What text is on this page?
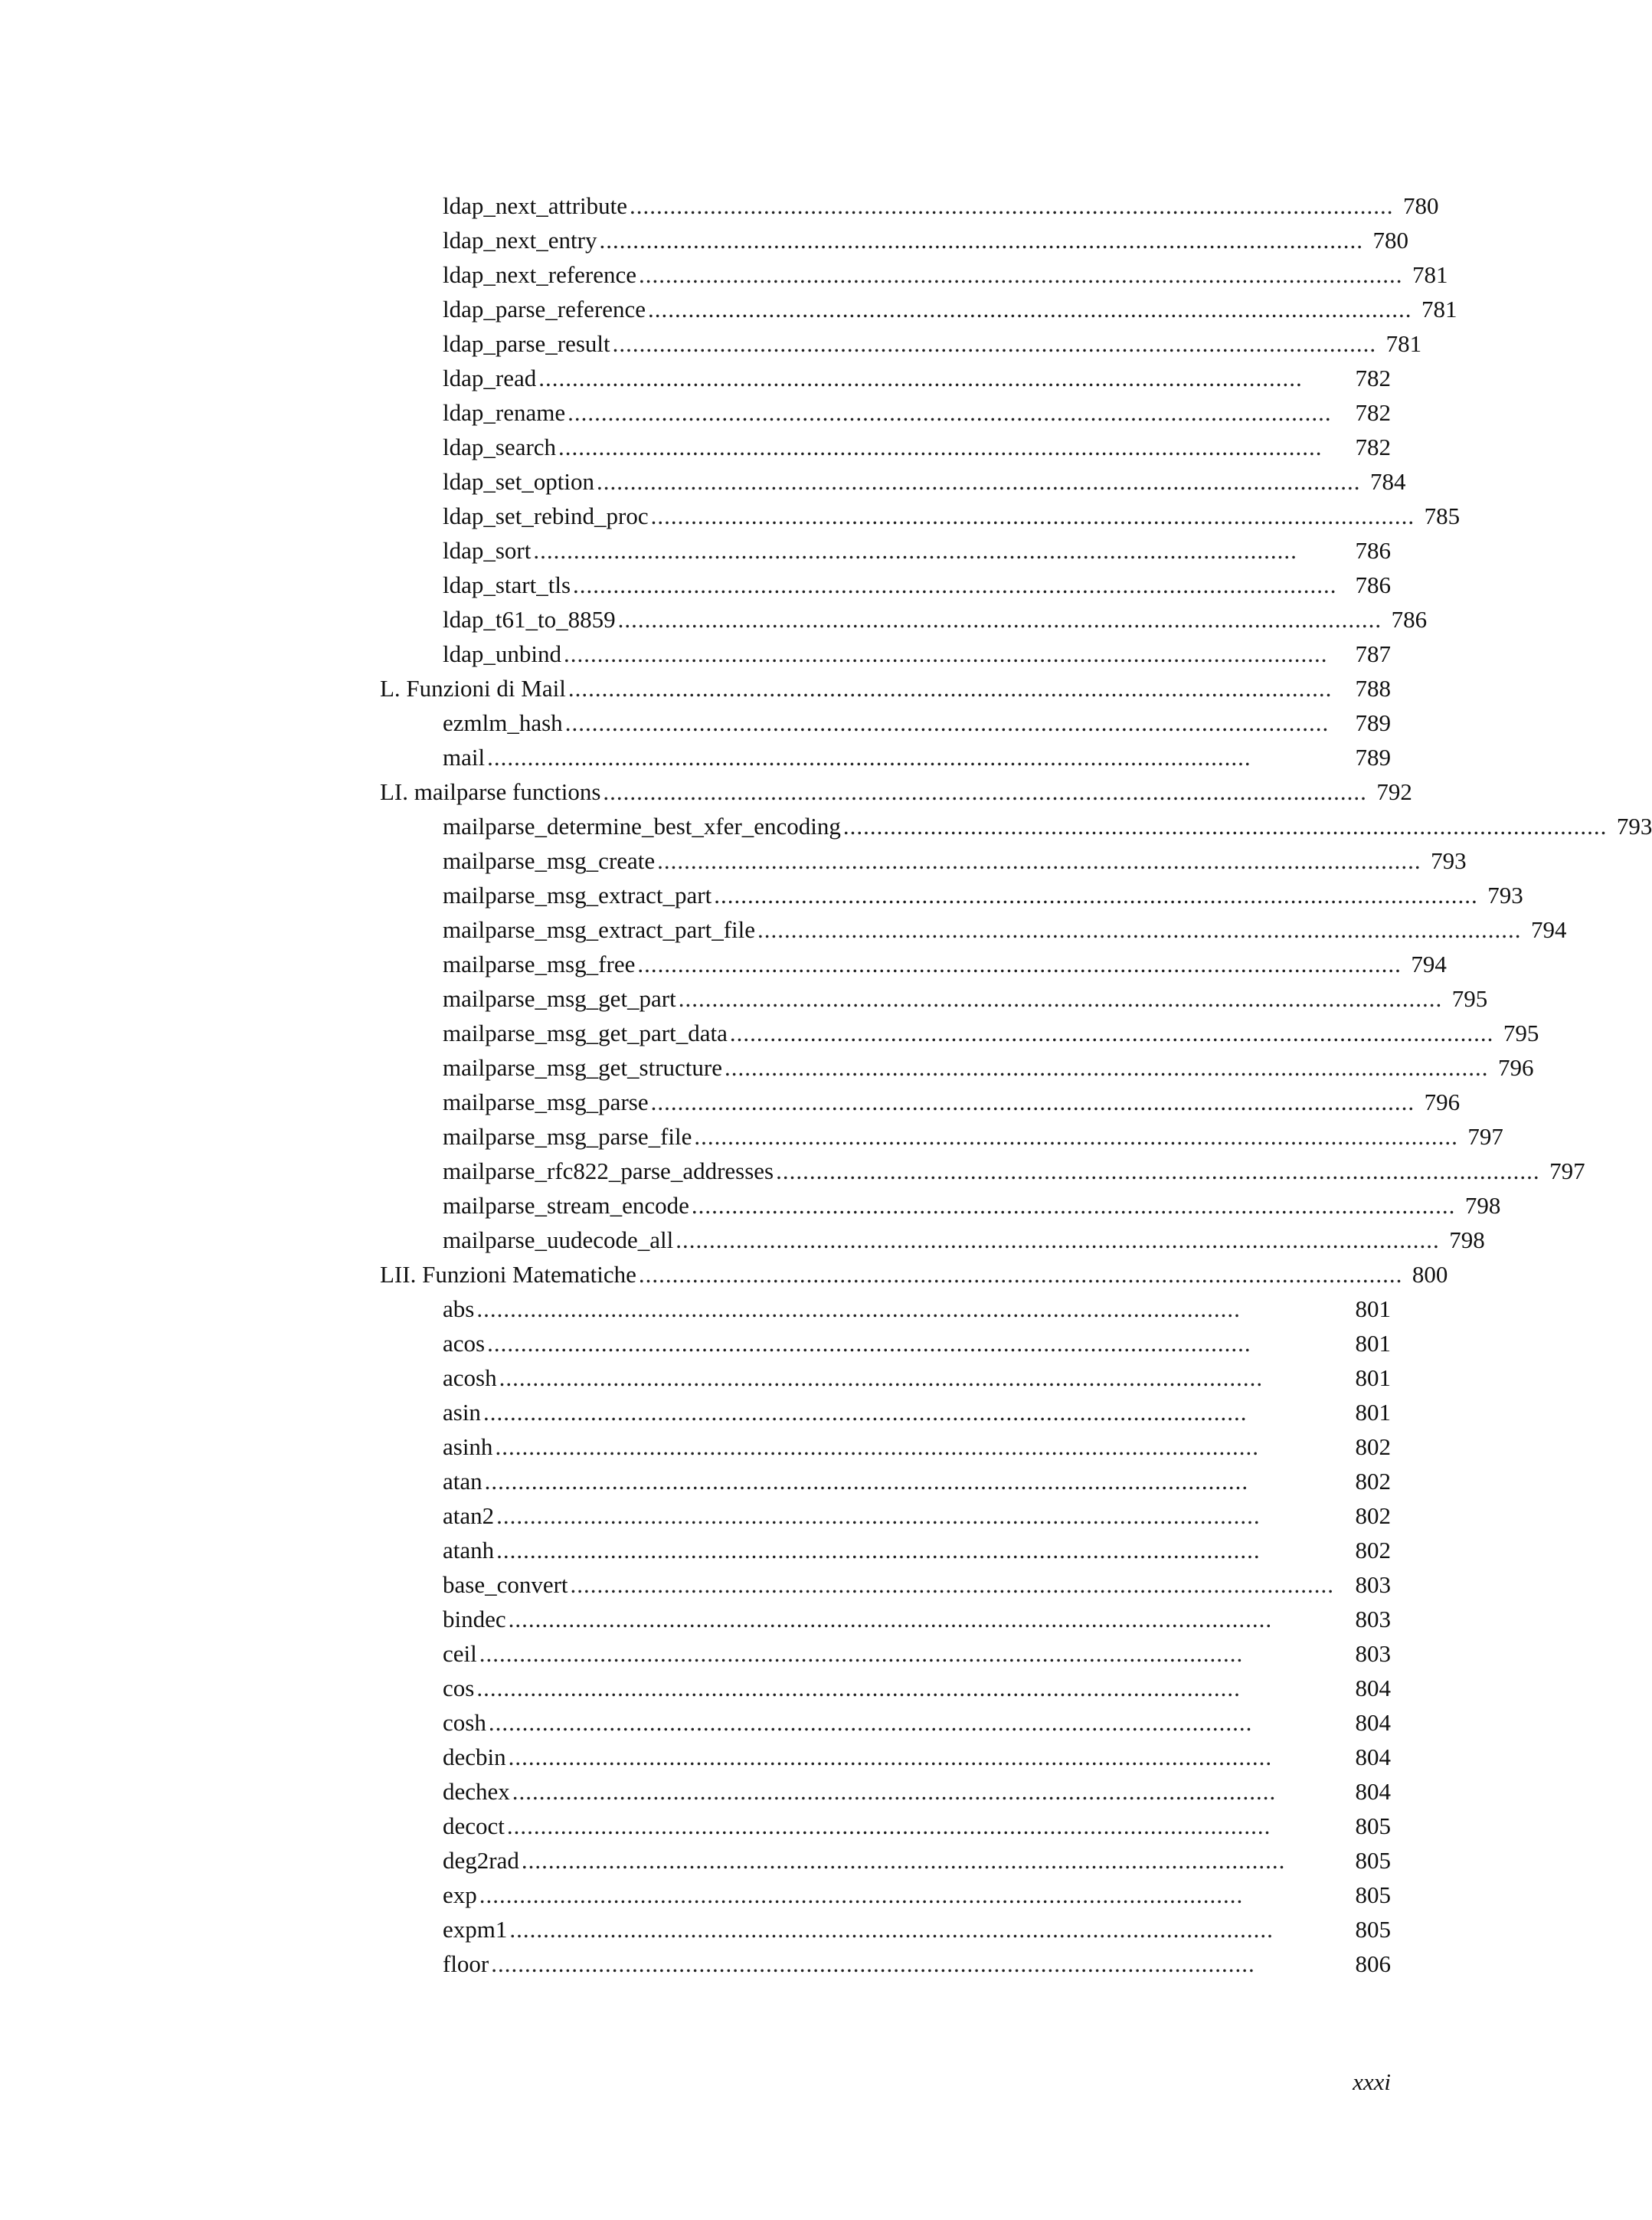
ldap_next_attribute .................................................................................................................. 780
ldap_next_entry .................................................................................................................. 780
ldap_next_reference .................................................................................................................. 781
ldap_parse_reference .................................................................................................................. 781
ldap_parse_result .................................................................................................................. 781
ldap_read ..................................................................................................................	782
ldap_rename .................................................................................................................. 782
ldap_search ..................................................................................................................	782
ldap_set_option .................................................................................................................. 784
ldap_set_rebind_proc .................................................................................................................. 785
ldap_sort ..................................................................................................................	786
ldap_start_tls .................................................................................................................. 786
ldap_t61_to_8859 .................................................................................................................. 786
ldap_unbind ..................................................................................................................	787
L. Funzioni di Mail .................................................................................................................. 788
ezmlm_hash ..................................................................................................................	789
mail ..................................................................................................................	789
LI. mailparse functions .................................................................................................................. 792
mailparse_determine_best_xfer_encoding .................................................................................................................. 793
mailparse_msg_create .................................................................................................................. 793
mailparse_msg_extract_part .................................................................................................................. 793
mailparse_msg_extract_part_file .................................................................................................................. 794
mailparse_msg_free .................................................................................................................. 794
mailparse_msg_get_part .................................................................................................................. 795
mailparse_msg_get_part_data .................................................................................................................. 795
mailparse_msg_get_structure .................................................................................................................. 796
mailparse_msg_parse .................................................................................................................. 796
mailparse_msg_parse_file .................................................................................................................. 797
mailparse_rfc822_parse_addresses .................................................................................................................. 797
mailparse_stream_encode .................................................................................................................. 798
mailparse_uudecode_all .................................................................................................................. 798
LII. Funzioni Matematiche .................................................................................................................. 800
abs ..................................................................................................................	801
acos ..................................................................................................................	801
acosh ..................................................................................................................	801
asin ..................................................................................................................	801
asinh ..................................................................................................................	802
atan ..................................................................................................................	802
atan2 ..................................................................................................................	802
atanh ..................................................................................................................	802
base_convert .................................................................................................................. 803
bindec ..................................................................................................................	803
ceil ..................................................................................................................	803
cos ..................................................................................................................	804
cosh ..................................................................................................................	804
decbin ..................................................................................................................	804
dechex ..................................................................................................................	804
decoct ..................................................................................................................	805
deg2rad ..................................................................................................................	805
exp ..................................................................................................................	805
expm1 ..................................................................................................................	805
floor ..................................................................................................................	806
xxxi
